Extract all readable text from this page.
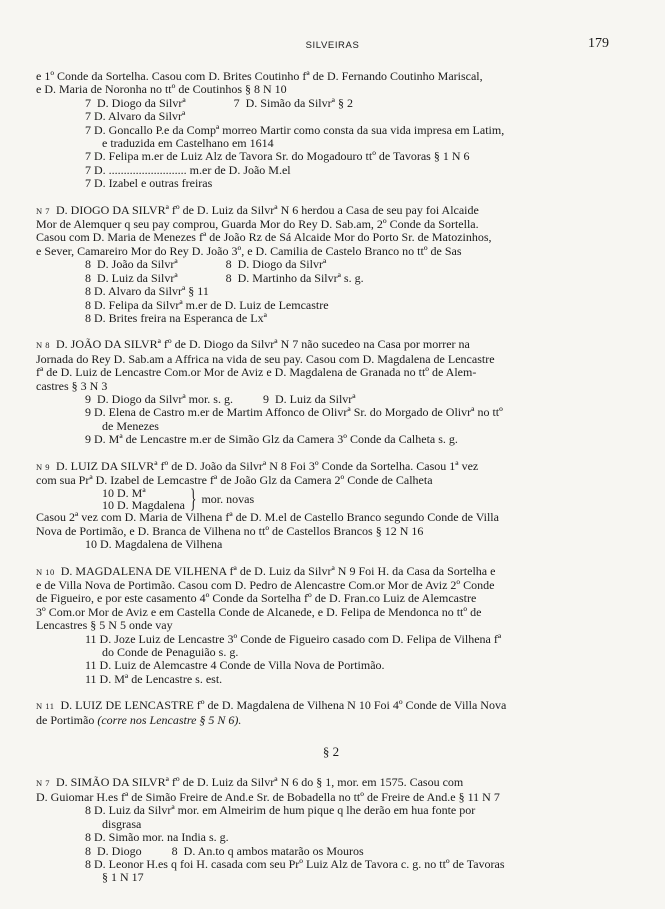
SILVEIRAS	179

e 1º Conde da Sortelha. Casou com D. Brites Coutinho fª de D. Fernando Coutinho Mariscal,

e D. Maria de Noronha no ttº de Coutinhos § 8 N 10

7  D. Diogo da Silvrª                7  D. Simão da Silvrª § 2

7 D. Alvaro da Silvrª

7 D. Goncallo P.e da Compª morreo Martir como consta da sua vida impresa em Latim,

e traduzida em Castelhano em 1614

7 D. Felipa m.er de Luiz Alz de Tavora Sr. do Mogadouro ttº de Tavoras § 1 N 6

7 D. .......................... m.er de D. João M.el

7 D. Izabel e outras freiras

N 7 D. DIOGO DA SILVRª fº de D. Luiz da Silvrª N 6 herdou a Casa de seu pay foi Alcaide

Mor de Alemquer q seu pay comprou, Guarda Mor do Rey D. Sab.am, 2º Conde da Sortella.

Casou com D. Maria de Menezes fª de João Rz de Sá Alcaide Mor do Porto Sr. de Matozinhos,

e Sever, Camareiro Mor do Rey D. João 3º, e D. Camilia de Castelo Branco no ttº de Sas

8  D. João da Silvrª                8  D. Diogo da Silvrª

8  D. Luiz da Silvrª                8  D. Martinho da Silvrª s. g.

8 D. Alvaro da Silvrª § 11

8 D. Felipa da Silvrª m.er de D. Luiz de Lemcastre

8 D. Brites freira na Esperanca de Lxª

N 8 D. JOÃO DA SILVRª fº de D. Diogo da Silvrª N 7 não sucedeo na Casa por morrer na

Jornada do Rey D. Sab.am a Affrica na vida de seu pay. Casou com D. Magdalena de Lencastre

fª de D. Luiz de Lencastre Com.or Mor de Aviz e D. Magdalena de Granada no ttº de Alem-

castres § 3 N 3

9  D. Diogo da Silvrª mor. s. g.          9  D. Luiz da Silvrª

9 D. Elena de Castro m.er de Martim Affonco de Olivrª Sr. do Morgado de Olivrª no ttº

de Menezes

9 D. Mª de Lencastre m.er de Simão Glz da Camera 3º Conde da Calheta s. g.

N 9 D. LUIZ DA SILVRª fº de D. João da Silvrª N 8 Foi 3º Conde da Sortelha. Casou 1ª vez

com sua Prª D. Izabel de Lemcastre fª de João Glz da Camera 2º Conde de Calheta

10 D. Mª
10 D. Magdalena } mor. novas

Casou 2ª vez com D. Maria de Vilhena fª de D. M.el de Castello Branco segundo Conde de Villa

Nova de Portimão, e D. Branca de Vilhena no ttº de Castellos Brancos § 12 N 16

10 D. Magdalena de Vilhena

N 10 D. MAGDALENA DE VILHENA fª de D. Luiz da Silvrª N 9 Foi H. da Casa da Sortelha e

e de Villa Nova de Portimão. Casou com D. Pedro de Alencastre Com.or Mor de Aviz 2º Conde

de Figueiro, e por este casamento 4º Conde da Sortelha fº de D. Fran.co Luiz de Alemcastre

3º Com.or Mor de Aviz e em Castella Conde de Alcanede, e D. Felipa de Mendonca no ttº de

Lencastres § 5 N 5 onde vay

11 D. Joze Luiz de Lencastre 3º Conde de Figueiro casado com D. Felipa de Vilhena fª

do Conde de Penaguião s. g.

11 D. Luiz de Alemcastre 4 Conde de Villa Nova de Portimão.

11 D. Mª de Lencastre s. est.

N 11 D. LUIZ DE LENCASTRE fº de D. Magdalena de Vilhena N 10 Foi 4º Conde de Villa Nova

de Portimão (corre nos Lencastre § 5 N 6).

§ 2

N 7 D. SIMÃO DA SILVRª fº de D. Luiz da Silvrª N 6 do § 1, mor. em 1575. Casou com

D. Guiomar H.es fª de Simão Freire de And.e Sr. de Bobadella no ttº de Freire de And.e § 11 N 7

8 D. Luiz da Silvrª mor. em Almeirim de hum pique q lhe derão em hua fonte por

disgrasa

8 D. Simão mor. na India s. g.

8  D. Diogo          8  D. An.to q ambos matarão os Mouros

8 D. Leonor H.es q foi H. casada com seu Prº Luiz Alz de Tavora c. g. no ttº de Tavoras

§ 1 N 17
